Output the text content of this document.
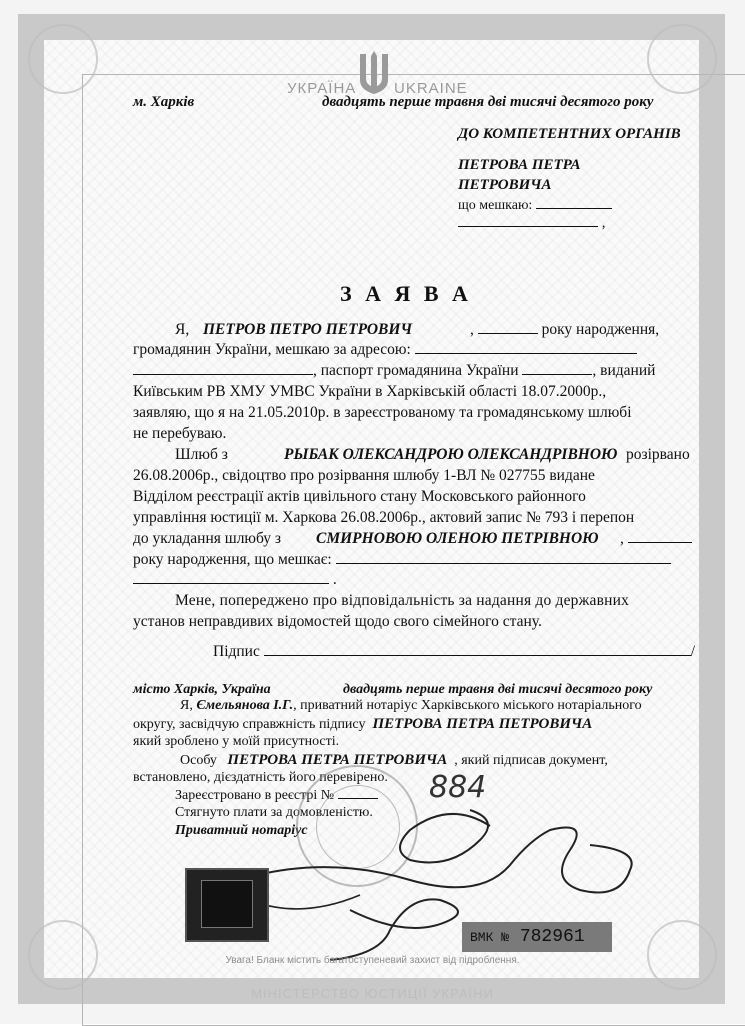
УКРАЇНА	UKRAINE
м. Харків	двадцять перше травня дві тисячі десятого року
ДО КОМПЕТЕНТНИХ ОРГАНІВ
ПЕТРОВА ПЕТРА
ПЕТРОВИЧА
що мешкаю:
,
З А Я В А
Я, ПЕТРОВ ПЕТРО ПЕТРОВИЧ	,	року народження,
громадянин України, мешкаю за адресою:
, паспорт громадянина України	, виданий
Київським РВ ХМУ УМВС України в Харківській області 18.07.2000р.,
заявляю, що я на 21.05.2010р. в зареєстрованому та громадянському шлюбі
не перебуваю.
Шлюб з	РЫБАК ОЛЕКСАНДРОЮ ОЛЕКСАНДРІВНОЮ розірвано
26.08.2006р., свідоцтво про розірвання шлюбу 1-ВЛ № 027755 видане
Відділом реєстрації актів цивільного стану Московського районного
управління юстиції м. Харкова 26.08.2006р., актовий запис № 793 і перепон
до укладання шлюбу з СМИРНОВОЮ ОЛЕНОЮ ПЕТРІВНОЮ ,
року народження, що мешкає:
.
Мене, попереджено про відповідальність за надання до державних
установ неправдивих відомостей щодо свого сімейного стану.
Підпис	/
місто Харків, Україна	двадцять перше травня дві тисячі десятого року
Я, Ємельянова І.Г., приватний нотаріус Харківського міського нотаріального
округу, засвідчую справжність підпису ПЕТРОВА ПЕТРА ПЕТРОВИЧА
який зроблено у моїй присутності.
Особу ПЕТРОВА ПЕТРА ПЕТРОВИЧА , який підписав документ,
встановлено, дієздатність його перевірено.
Зареєстровано в реєстрі №	884
Стягнуто плати за домовленістю.
Приватний нотаріус
ВМК № 782961
Увага! Бланк містить багатоступеневий захист від підроблення.
МІНІСТЕРСТВО ЮСТИЦІЇ УКРАЇНИ
